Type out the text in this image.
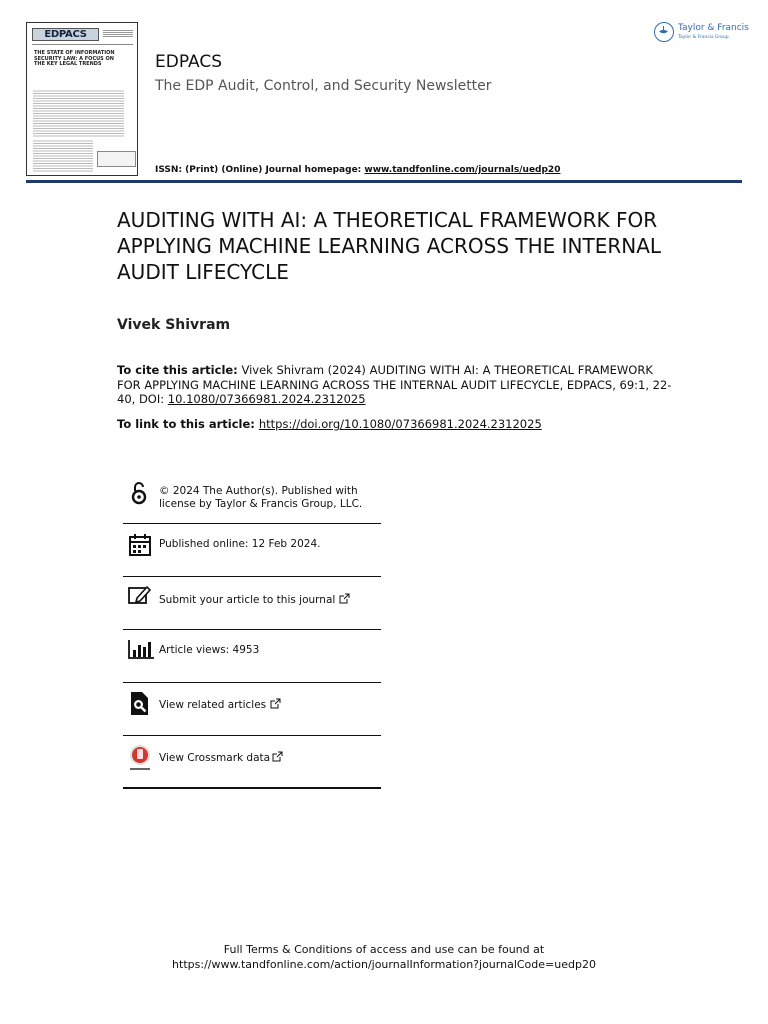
EDPACS
THE STATE OF INFORMATION SECURITY LAW: A FOCUS ON THE KEY LEGAL TRENDS	EDPACS
The EDP Audit, Control, and Security Newsletter
ISSN: (Print) (Online) Journal homepage: www.tandfonline.com/journals/uedp20
Taylor & Francis
Taylor & Francis Group
AUDITING WITH AI: A THEORETICAL FRAMEWORK FOR APPLYING MACHINE LEARNING ACROSS THE INTERNAL AUDIT LIFECYCLE
Vivek Shivram
To cite this article: Vivek Shivram (2024) AUDITING WITH AI: A THEORETICAL FRAMEWORK FOR APPLYING MACHINE LEARNING ACROSS THE INTERNAL AUDIT LIFECYCLE, EDPACS, 69:1, 22-40, DOI: 10.1080/07366981.2024.2312025
To link to this article: https://doi.org/10.1080/07366981.2024.2312025
© 2024 The Author(s). Published with
license by Taylor & Francis Group, LLC.
Published online: 12 Feb 2024.
Submit your article to this journal
Article views: 4953
View related articles
View Crossmark data
Full Terms & Conditions of access and use can be found at
https://www.tandfonline.com/action/journalInformation?journalCode=uedp20
